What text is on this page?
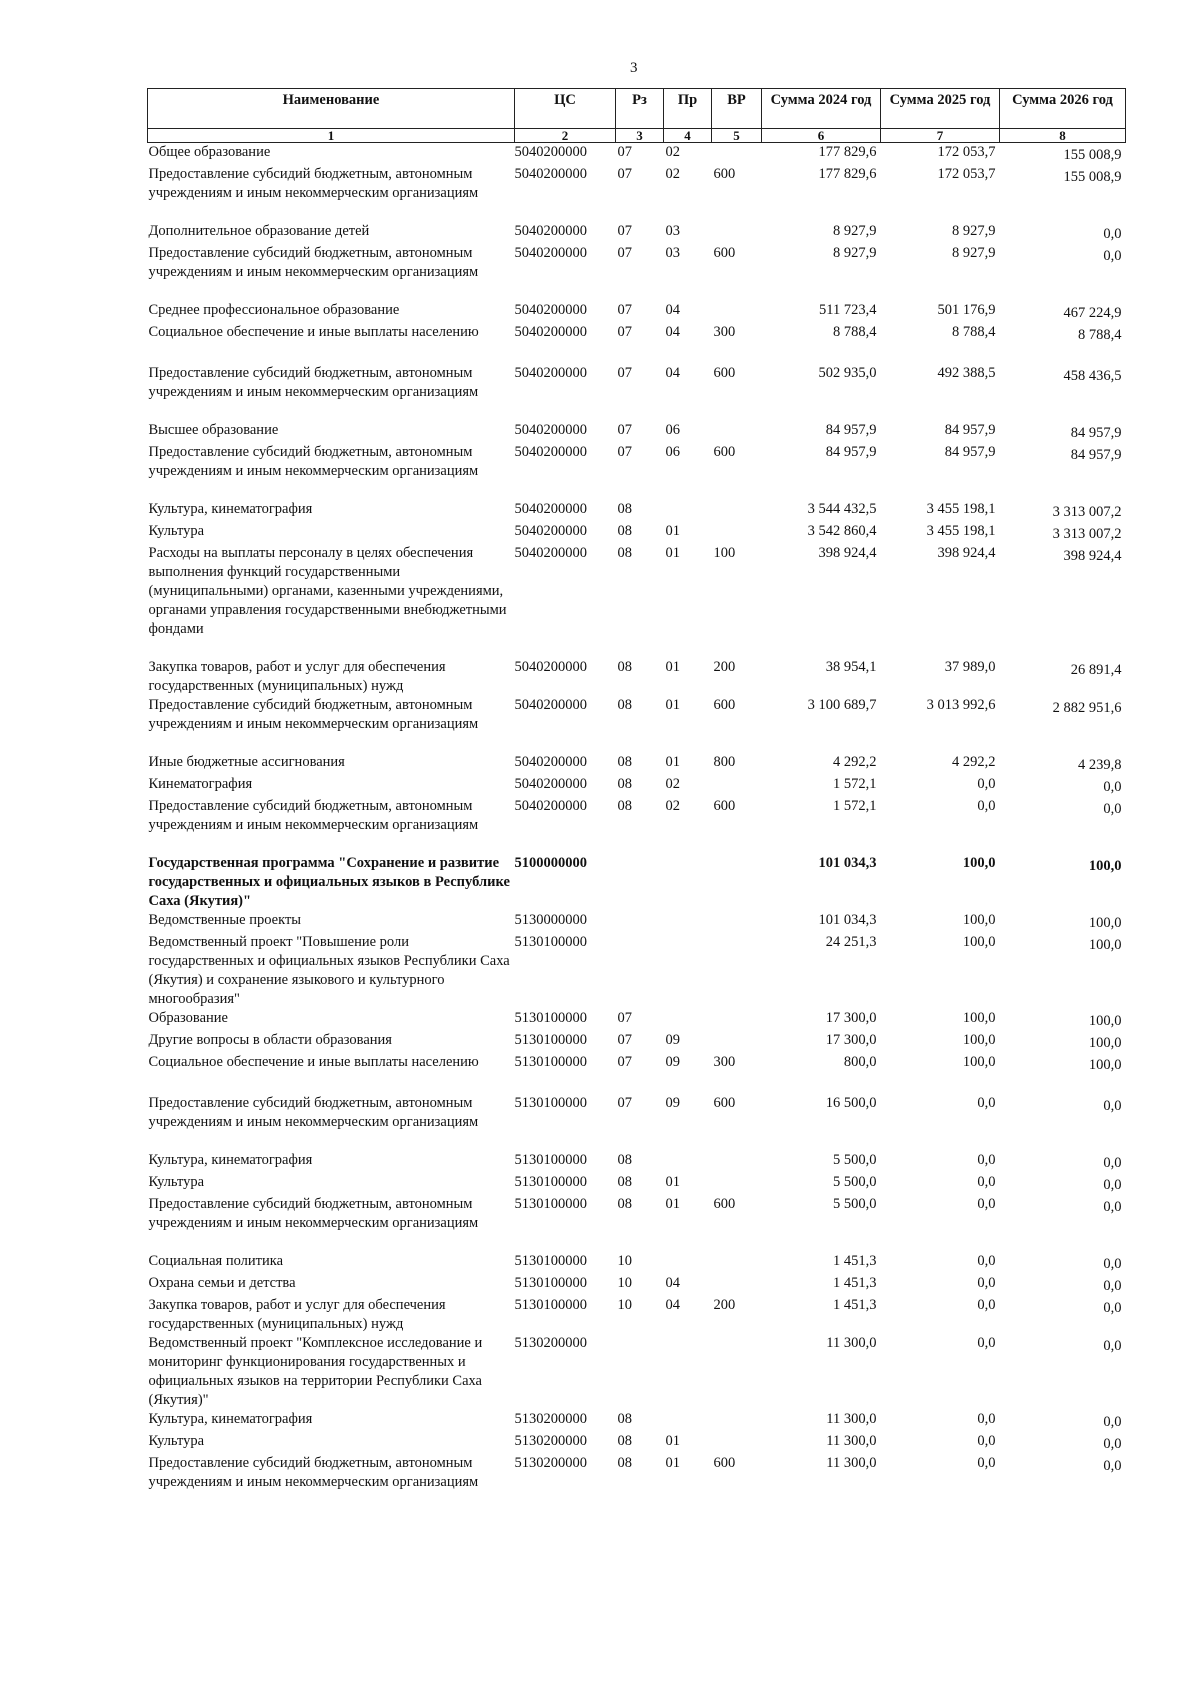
3
Наименование	ЦС	Рз	Пр	ВР	Сумма 2024 год	Сумма 2025 год	Сумма 2026 год
1	2	3	4	5	6	7	8
Общее образование	5040200000	07	02		177 829,6	172 053,7	155 008,9
Предоставление субсидий бюджетным, автономным учреждениям и иным некоммерческим организациям	5040200000	07	02	600	177 829,6	172 053,7	155 008,9
Дополнительное образование детей	5040200000	07	03		8 927,9	8 927,9	0,0
Предоставление субсидий бюджетным, автономным учреждениям и иным некоммерческим организациям	5040200000	07	03	600	8 927,9	8 927,9	0,0
Среднее профессиональное образование	5040200000	07	04		511 723,4	501 176,9	467 224,9
Социальное обеспечение и иные выплаты населению	5040200000	07	04	300	8 788,4	8 788,4	8 788,4
Предоставление субсидий бюджетным, автономным учреждениям и иным некоммерческим организациям	5040200000	07	04	600	502 935,0	492 388,5	458 436,5
Высшее образование	5040200000	07	06		84 957,9	84 957,9	84 957,9
Предоставление субсидий бюджетным, автономным учреждениям и иным некоммерческим организациям	5040200000	07	06	600	84 957,9	84 957,9	84 957,9
Культура, кинематография	5040200000	08			3 544 432,5	3 455 198,1	3 313 007,2
Культура	5040200000	08	01		3 542 860,4	3 455 198,1	3 313 007,2
Расходы на выплаты персоналу в целях обеспечения выполнения функций государственными (муниципальными) органами, казенными учреждениями, органами управления государственными внебюджетными фондами	5040200000	08	01	100	398 924,4	398 924,4	398 924,4
Закупка товаров, работ и услуг для обеспечения государственных (муниципальных) нужд	5040200000	08	01	200	38 954,1	37 989,0	26 891,4
Предоставление субсидий бюджетным, автономным учреждениям и иным некоммерческим организациям	5040200000	08	01	600	3 100 689,7	3 013 992,6	2 882 951,6
Иные бюджетные ассигнования	5040200000	08	01	800	4 292,2	4 292,2	4 239,8
Кинематография	5040200000	08	02		1 572,1	0,0	0,0
Предоставление субсидий бюджетным, автономным учреждениям и иным некоммерческим организациям	5040200000	08	02	600	1 572,1	0,0	0,0
Государственная программа "Сохранение и развитие государственных и официальных языков в Республике Саха (Якутия)"	5100000000				101 034,3	100,0	100,0
Ведомственные проекты	5130000000				101 034,3	100,0	100,0
Ведомственный проект "Повышение роли государственных и официальных языков Республики Саха (Якутия) и сохранение языкового и культурного многообразия"	5130100000				24 251,3	100,0	100,0
Образование	5130100000	07			17 300,0	100,0	100,0
Другие вопросы в области образования	5130100000	07	09		17 300,0	100,0	100,0
Социальное обеспечение и иные выплаты населению	5130100000	07	09	300	800,0	100,0	100,0
Предоставление субсидий бюджетным, автономным учреждениям и иным некоммерческим организациям	5130100000	07	09	600	16 500,0	0,0	0,0
Культура, кинематография	5130100000	08			5 500,0	0,0	0,0
Культура	5130100000	08	01		5 500,0	0,0	0,0
Предоставление субсидий бюджетным, автономным учреждениям и иным некоммерческим организациям	5130100000	08	01	600	5 500,0	0,0	0,0
Социальная политика	5130100000	10			1 451,3	0,0	0,0
Охрана семьи и детства	5130100000	10	04		1 451,3	0,0	0,0
Закупка товаров, работ и услуг для обеспечения государственных (муниципальных) нужд	5130100000	10	04	200	1 451,3	0,0	0,0
Ведомственный проект "Комплексное исследование и мониторинг функционирования государственных и официальных языков на территории Республики Саха (Якутия)"	5130200000				11 300,0	0,0	0,0
Культура, кинематография	5130200000	08			11 300,0	0,0	0,0
Культура	5130200000	08	01		11 300,0	0,0	0,0
Предоставление субсидий бюджетным, автономным учреждениям и иным некоммерческим организациям	5130200000	08	01	600	11 300,0	0,0	0,0
